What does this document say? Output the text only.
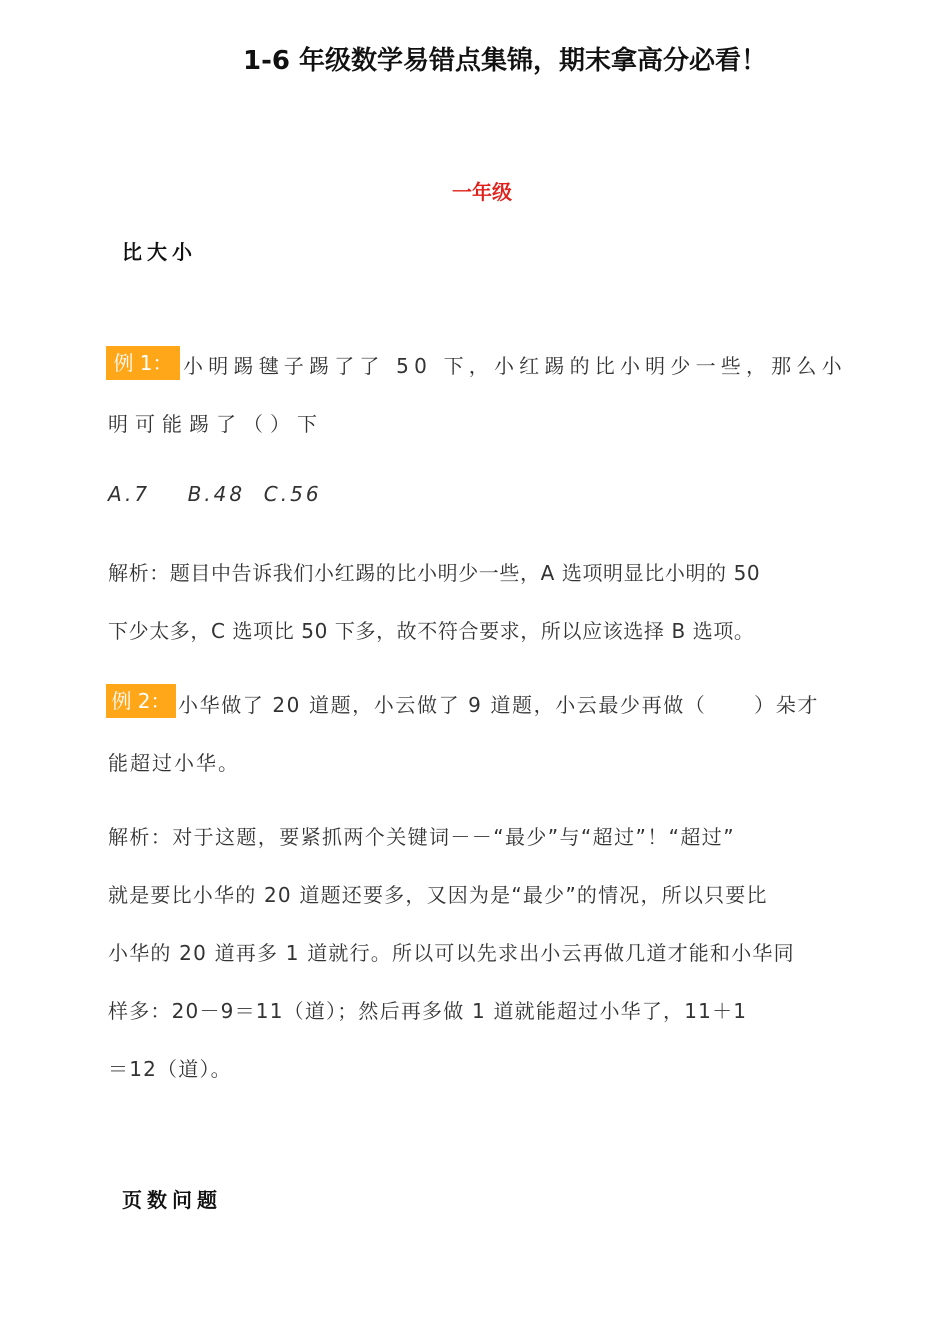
1-6 年级数学易错点集锦，期末拿高分必看！
一年级
比大小
例 1： 小明踢毽子踢了了 50 下，小红踢的比小明少一些，那么小
明可能踢了（）下
A.7    B.48  C.56
解析：题目中告诉我们小红踢的比小明少一些，A 选项明显比小明的 50
下少太多，C 选项比 50 下多，故不符合要求，所以应该选择 B 选项。
例 2： 小华做了 20 道题，小云做了 9 道题，小云最少再做（      ）朵才
能超过小华。
解析：对于这题，要紧抓两个关键词－－“最少”与“超过”！“超过”
就是要比小华的 20 道题还要多，又因为是“最少”的情况，所以只要比
小华的 20 道再多 1 道就行。所以可以先求出小云再做几道才能和小华同
样多：20－9＝11（道）；然后再多做 1 道就能超过小华了，11＋1
＝12（道）。
页数问题
